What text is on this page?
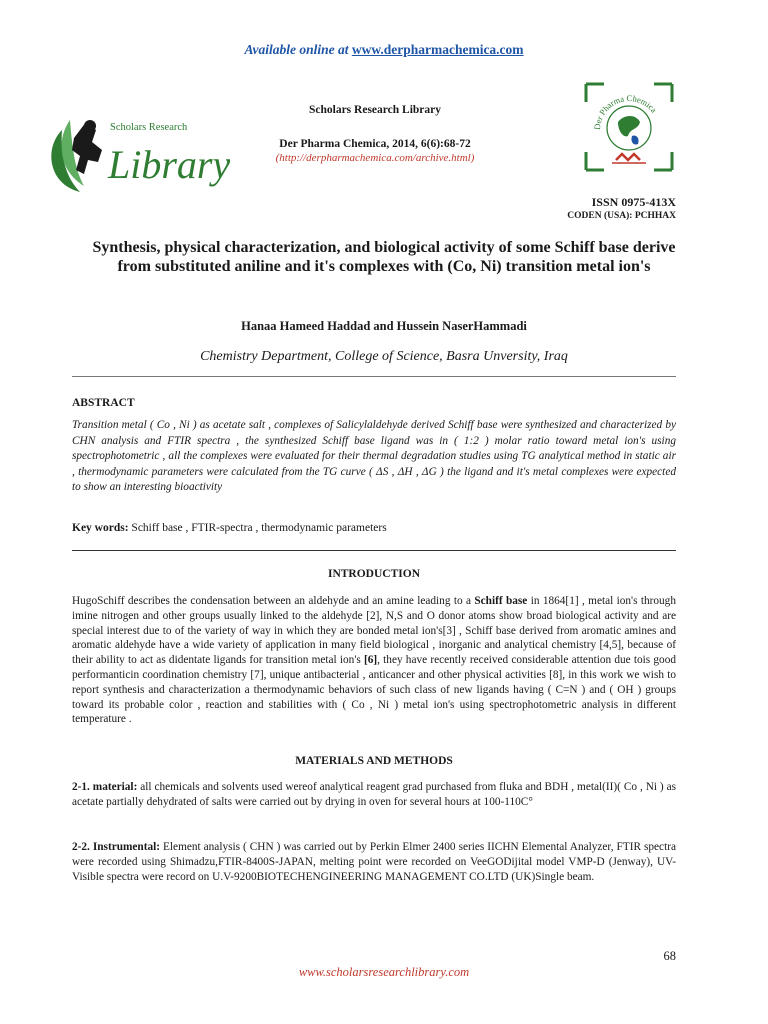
Available online at www.derpharmachemica.com
Scholars Research
Library
Scholars Research Library
Der Pharma Chemica, 2014, 6(6):68-72
(http://derpharmachemica.com/archive.html)
Der Pharma Chemica
ISSN 0975-413X
CODEN (USA): PCHHAX
Synthesis, physical characterization, and biological activity of some Schiff base derive from substituted aniline and it's complexes with (Co, Ni) transition metal ion's
Hanaa Hameed Haddad and Hussein NaserHammadi
Chemistry Department, College of Science, Basra Unversity, Iraq
ABSTRACT
Transition metal ( Co , Ni ) as acetate salt , complexes of Salicylaldehyde derived Schiff base were synthesized and characterized by CHN analysis and FTIR spectra , the synthesized Schiff base ligand was in ( 1:2 ) molar ratio toward metal ion's using spectrophotometric , all the complexes were evaluated for their thermal degradation studies using TG analytical method in static air , thermodynamic parameters were calculated from the TG curve ( ΔS , ΔH , ΔG ) the ligand and it's metal complexes were expected to show an interesting bioactivity
Key words: Schiff base , FTIR-spectra , thermodynamic parameters
INTRODUCTION
HugoSchiff describes the condensation between an aldehyde and an amine leading to a Schiff base in 1864[1] , metal ion's through imine nitrogen and other groups usually linked to the aldehyde [2], N,S and O donor atoms show broad biological activity and are special interest due to of the variety of way in which they are bonded metal ion's[3] , Schiff base derived from aromatic amines and aromatic aldehyde have a wide variety of application in many field biological , inorganic and analytical chemistry [4,5], because of their ability to act as didentate ligands for transition metal ion's [6], they have recently received considerable attention due tois good performanticin coordination chemistry [7], unique antibacterial , anticancer and other physical activities [8], in this work we wish to report synthesis and characterization a thermodynamic behaviors of such class of new ligands having ( C=N ) and ( OH ) groups toward its probable color , reaction and stabilities with ( Co , Ni ) metal ion's using spectrophotometric analysis in different temperature .
MATERIALS AND METHODS
2-1. material: all chemicals and solvents used wereof analytical reagent grad purchased from fluka and BDH , metal(II)( Co , Ni ) as acetate partially dehydrated of salts were carried out by drying in oven for several hours at 100-110C°
2-2. Instrumental: Element analysis ( CHN ) was carried out by Perkin Elmer 2400 series IICHN Elemental Analyzer, FTIR spectra were recorded using Shimadzu,FTIR-8400S-JAPAN, melting point were recorded on VeeGODijital model VMP-D (Jenway), UV-Visible spectra were record on U.V-9200BIOTECHENGINEERING MANAGEMENT CO.LTD (UK)Single beam.
68
www.scholarsresearchlibrary.com
